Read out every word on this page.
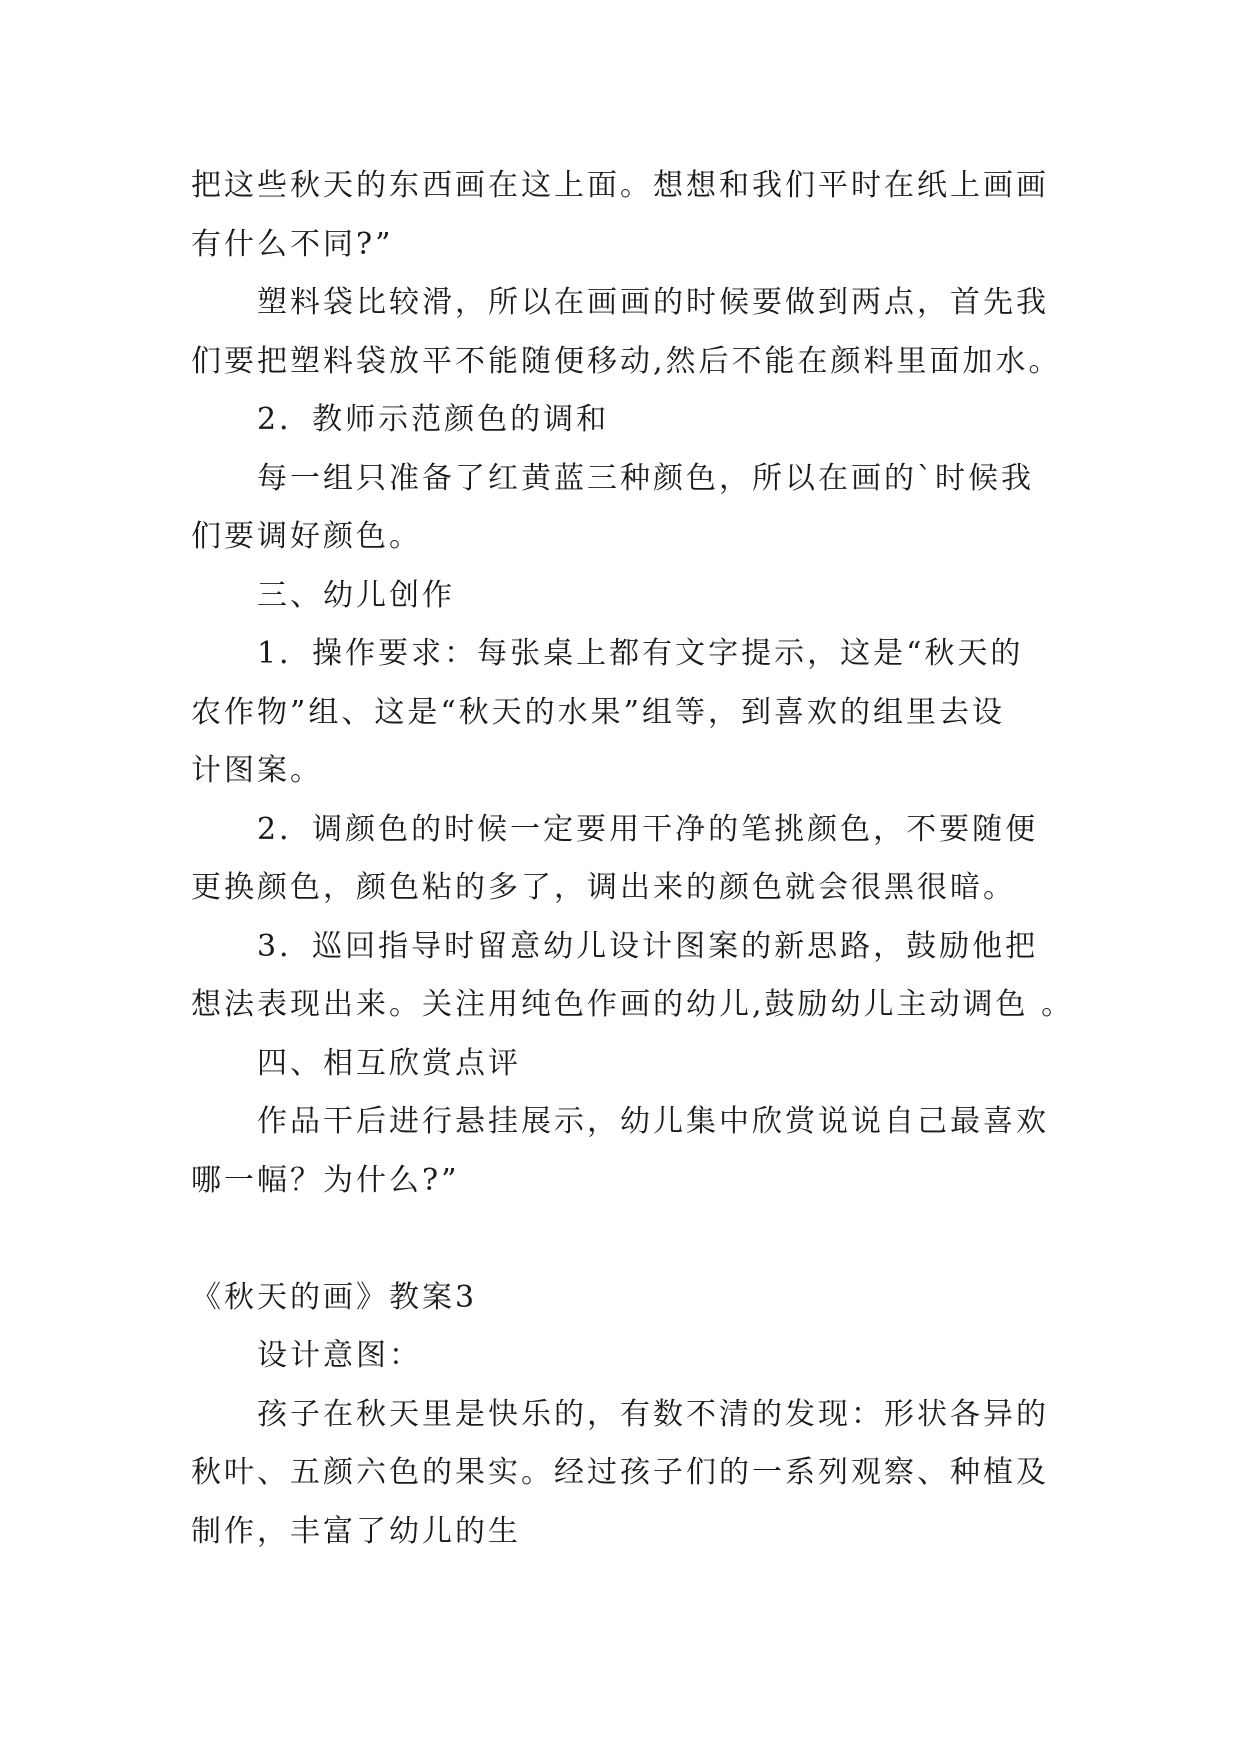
把这些秋天的东西画在这上面。想想和我们平时在纸上画画
有什么不同?”
塑料袋比较滑，所以在画画的时候要做到两点，首先我
们要把塑料袋放平不能随便移动,然后不能在颜料里面加水。
2．教师示范颜色的调和
每一组只准备了红黄蓝三种颜色，所以在画的`时候我
们要调好颜色。
三、幼儿创作
1．操作要求：每张桌上都有文字提示，这是“秋天的
农作物”组、这是“秋天的水果”组等，到喜欢的组里去设
计图案。
2．调颜色的时候一定要用干净的笔挑颜色，不要随便
更换颜色，颜色粘的多了，调出来的颜色就会很黑很暗。
3．巡回指导时留意幼儿设计图案的新思路，鼓励他把
想法表现出来。关注用纯色作画的幼儿,鼓励幼儿主动调色 。
四、相互欣赏点评
作品干后进行悬挂展示，幼儿集中欣赏说说自己最喜欢
哪一幅？为什么?”
《秋天的画》教案3
设计意图：
孩子在秋天里是快乐的，有数不清的发现：形状各异的
秋叶、五颜六色的果实。经过孩子们的一系列观察、种植及
制作，丰富了幼儿的生
